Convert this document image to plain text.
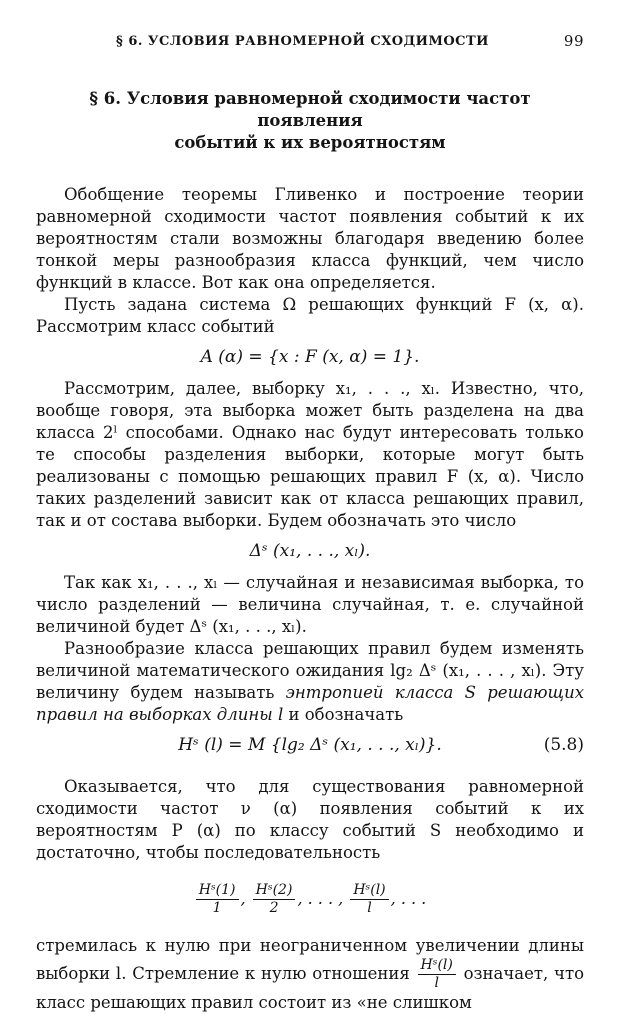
§ 6. УСЛОВИЯ РАВНОМЕРНОЙ СХОДИМОСТИ	99
§ 6. Условия равномерной сходимости частот появления
событий к их вероятностям

Обобщение теоремы Гливенко и построение теории равномерной сходимости частот появления событий к их вероятностям стали возможны благодаря введению более тонкой меры разнообразия класса функций, чем число функций в классе. Вот как она определяется.

Пусть задана система Ω решающих функций F (x, α). Рассмотрим класс событий

A (α) = {x : F (x, α) = 1}.

Рассмотрим, далее, выборку x₁, . . ., xₗ. Известно, что, вообще говоря, эта выборка может быть разделена на два класса 2ˡ способами. Однако нас будут интересовать только те способы разделения выборки, которые могут быть реализованы с помощью решающих правил F (x, α). Число таких разделений зависит как от класса решающих правил, так и от состава выборки. Будем обозначать это число

Δˢ (x₁, . . ., xₗ).

Так как x₁, . . ., xₗ — случайная и независимая выборка, то число разделений — величина случайная, т. е. случайной величиной будет Δˢ (x₁, . . ., xₗ).

Разнообразие класса решающих правил будем изменять величиной математического ожидания lg₂ Δˢ (x₁, . . . , xₗ). Эту величину будем называть энтропией класса S решающих правил на выборках длины l и обозначать

Hˢ (l) = M {lg₂ Δˢ (x₁, . . ., xₗ)}.	(5.8)

Оказывается, что для существования равномерной сходимости частот ν (α) появления событий к их вероятностям P (α) по классу событий S необходимо и достаточно, чтобы последовательность

$\frac{\text{Hˢ(1)}}{1}$ , $\frac{\text{Hˢ(2)}}{2}$ , . . . , $\frac{\text{Hˢ(l)}}{l}$ , . . .

стремилась к нулю при неограниченном увеличении длины выборки l. Стремление к нулю отношения $\frac{\text{Hˢ(l)}}{l}$ означает, что класс решающих правил состоит из «не слишком
